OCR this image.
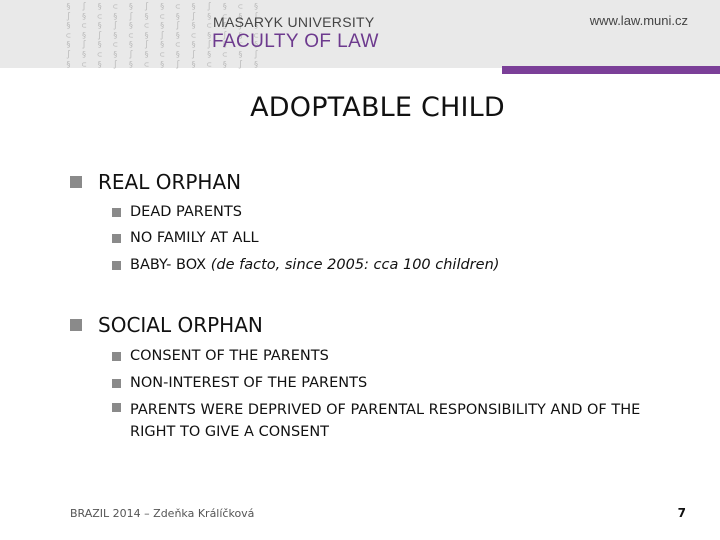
§ ∫ § ⊂ § ∫ § ⊂ § ∫ § ⊂ §
∫ § ⊂ § ∫ § ⊂ § ∫ § ⊂ § ∫
§ ⊂ § ∫ § ⊂ § ∫ § ⊂ § ∫ §
⊂ § ∫ § ⊂ § ∫ § ⊂ § ∫ § ⊂
§ ∫ § ⊂ § ∫ § ⊂ § ∫ § ⊂ §
∫ § ⊂ § ∫ § ⊂ § ∫ § ⊂ § ∫
§ ⊂ § ∫ § ⊂ § ∫ § ⊂ § ∫ §
MASARYK UNIVERSITY
FACULTY OF LAW
www.law.muni.cz
ADOPTABLE CHILD
REAL ORPHAN
DEAD PARENTS
NO FAMILY AT ALL
BABY- BOX (de facto, since 2005: cca 100 children)
SOCIAL ORPHAN
CONSENT OF THE PARENTS
NON-INTEREST OF THE PARENTS
PARENTS WERE DEPRIVED OF PARENTAL RESPONSIBILITY AND OF THE RIGHT TO GIVE A CONSENT
BRAZIL 2014 – Zdeňka Králíčková	7
